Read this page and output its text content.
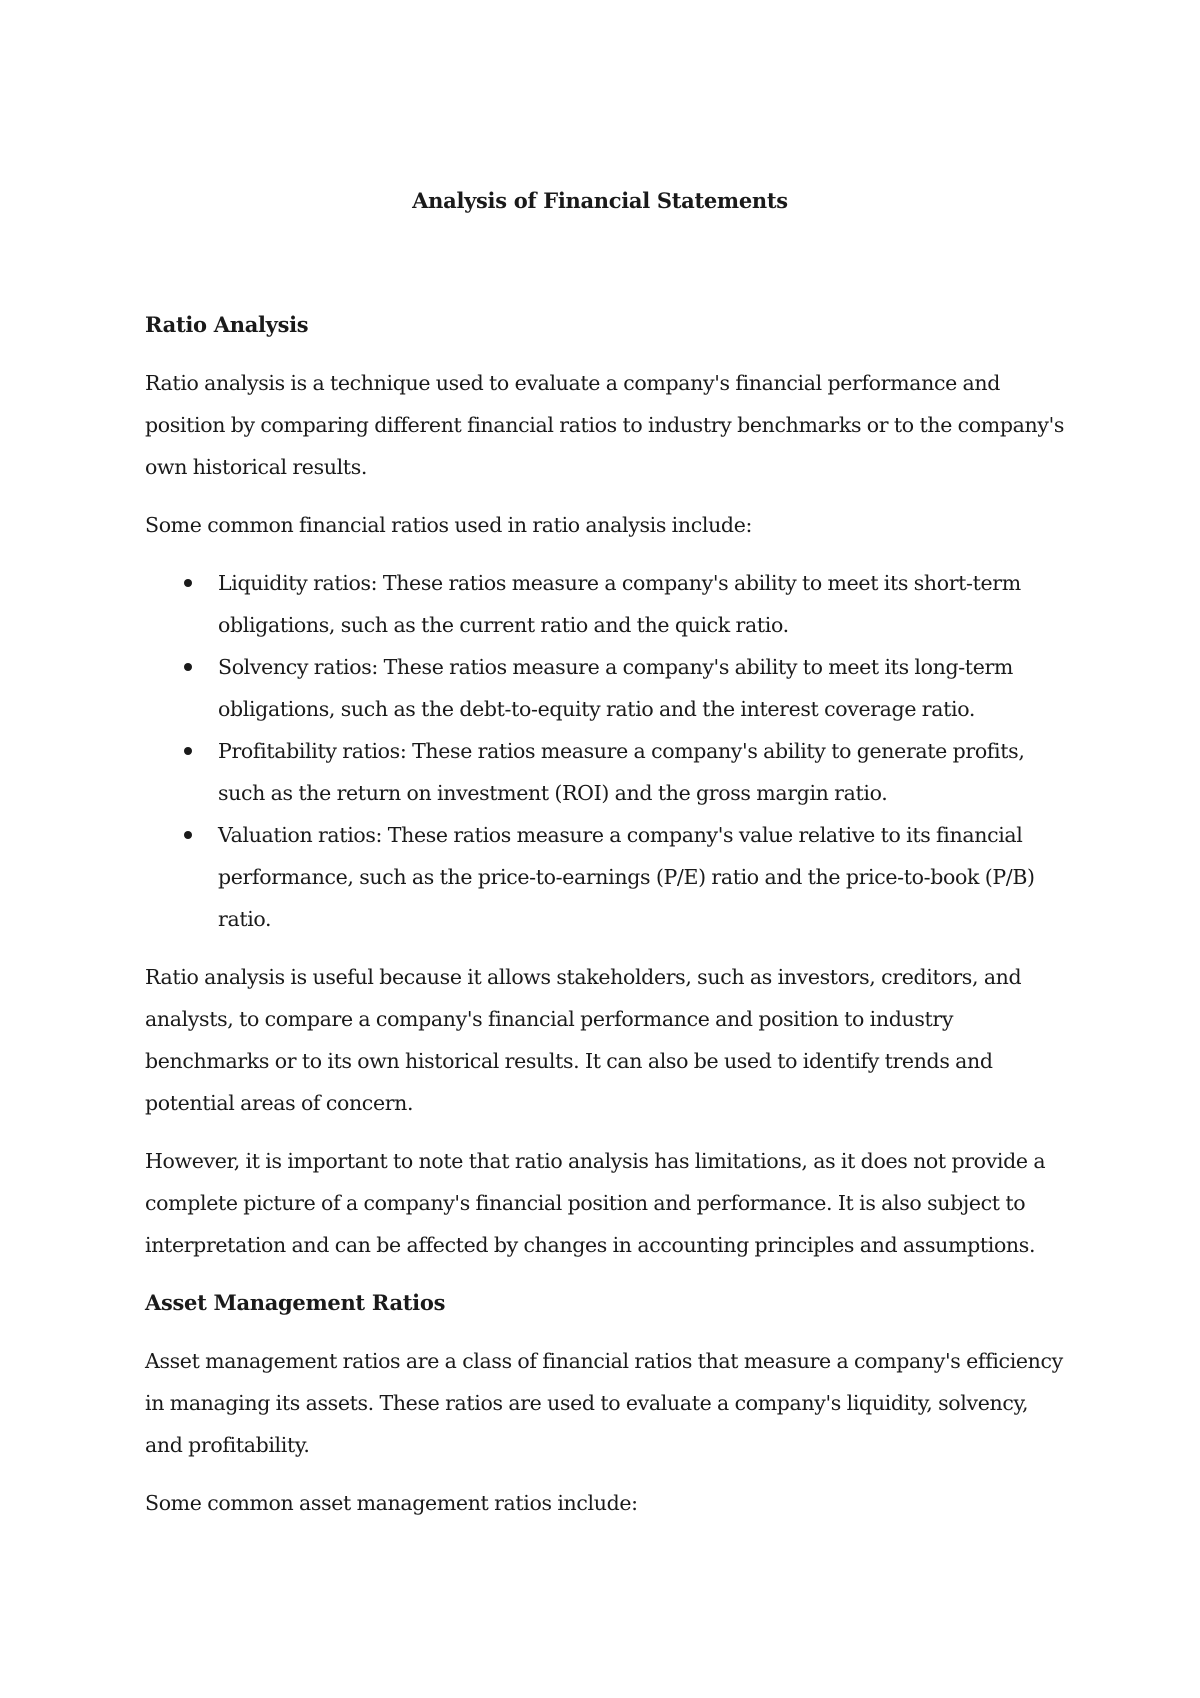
Analysis of Financial Statements
Ratio Analysis

Ratio analysis is a technique used to evaluate a company's financial performance and position by comparing different financial ratios to industry benchmarks or to the company's own historical results.

Some common financial ratios used in ratio analysis include:

Liquidity ratios: These ratios measure a company's ability to meet its short-term obligations, such as the current ratio and the quick ratio.
Solvency ratios: These ratios measure a company's ability to meet its long-term obligations, such as the debt-to-equity ratio and the interest coverage ratio.
Profitability ratios: These ratios measure a company's ability to generate profits, such as the return on investment (ROI) and the gross margin ratio.
Valuation ratios: These ratios measure a company's value relative to its financial performance, such as the price-to-earnings (P/E) ratio and the price-to-book (P/B) ratio.

Ratio analysis is useful because it allows stakeholders, such as investors, creditors, and analysts, to compare a company's financial performance and position to industry benchmarks or to its own historical results. It can also be used to identify trends and potential areas of concern.

However, it is important to note that ratio analysis has limitations, as it does not provide a complete picture of a company's financial position and performance. It is also subject to interpretation and can be affected by changes in accounting principles and assumptions.

Asset Management Ratios

Asset management ratios are a class of financial ratios that measure a company's efficiency in managing its assets. These ratios are used to evaluate a company's liquidity, solvency, and profitability.

Some common asset management ratios include:
